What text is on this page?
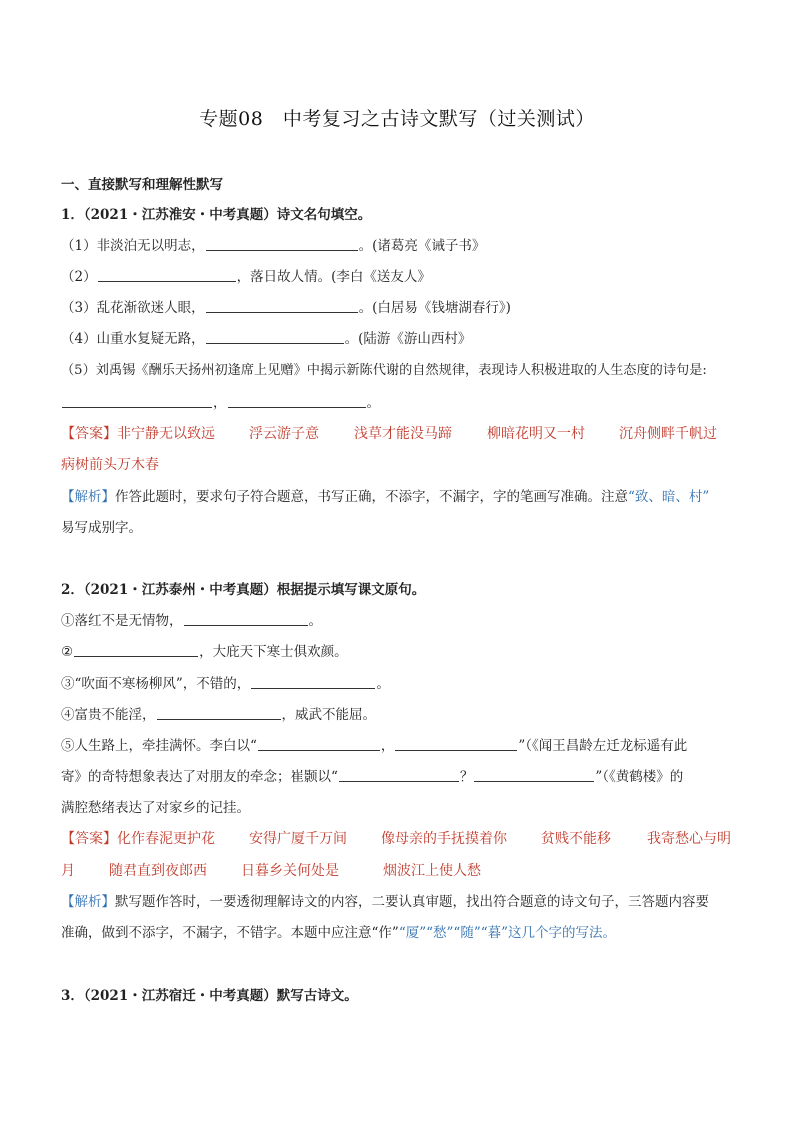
专题08　中考复习之古诗文默写（过关测试）
一、直接默写和理解性默写
1．（2021・江苏淮安・中考真题）诗文名句填空。
（1）非淡泊无以明志，	。(诸葛亮《诫子书》
（2）	，落日故人情。(李白《送友人》
（3）乱花渐欲迷人眼，	。(白居易《钱塘湖春行》)
（4）山重水复疑无路，	。(陆游《游山西村》
（5）刘禹锡《酬乐天扬州初逢席上见赠》中揭示新陈代谢的自然规律，表现诗人积极进取的人生态度的诗句是:
，	。
【答案】 非宁静无以致远 浮云游子意	浅草才能没马蹄	柳暗花明又一村 沉舟侧畔千帆过
病树前头万木春
【解析】作答此题时，要求句子符合题意，书写正确，不添字，不漏字，字的笔画写准确。注意“致、暗、村”
易写成别字。
2．（2021・江苏泰州・中考真题）根据提示填写课文原句。
①落红不是无情物，	。
②	，大庇天下寒士俱欢颜。
③“吹面不寒杨柳风”，不错的，	。
④富贵不能淫，	，威武不能屈。
⑤人生路上，牵挂满怀。李白以“	，	”（《闻王昌龄左迁龙标遥有此
寄》的奇特想象表达了对朋友的牵念；崔颢以“	？	”（《黄鹤楼》的
满腔愁绪表达了对家乡的记挂。
【答案】 化作春泥更护花 安得广厦千万间 像母亲的手抚摸着你 贫贱不能移	我寄愁心与明
月 随君直到夜郎西 日暮乡关何处是	烟波江上使人愁
【解析】默写题作答时，一要透彻理解诗文的内容，二要认真审题，找出符合题意的诗文句子，三答题内容要
准确，做到不添字，不漏字，不错字。本题中应注意“作”“厦”“愁”“随”“暮”这几个字的写法。
3．（2021・江苏宿迁・中考真题）默写古诗文。
